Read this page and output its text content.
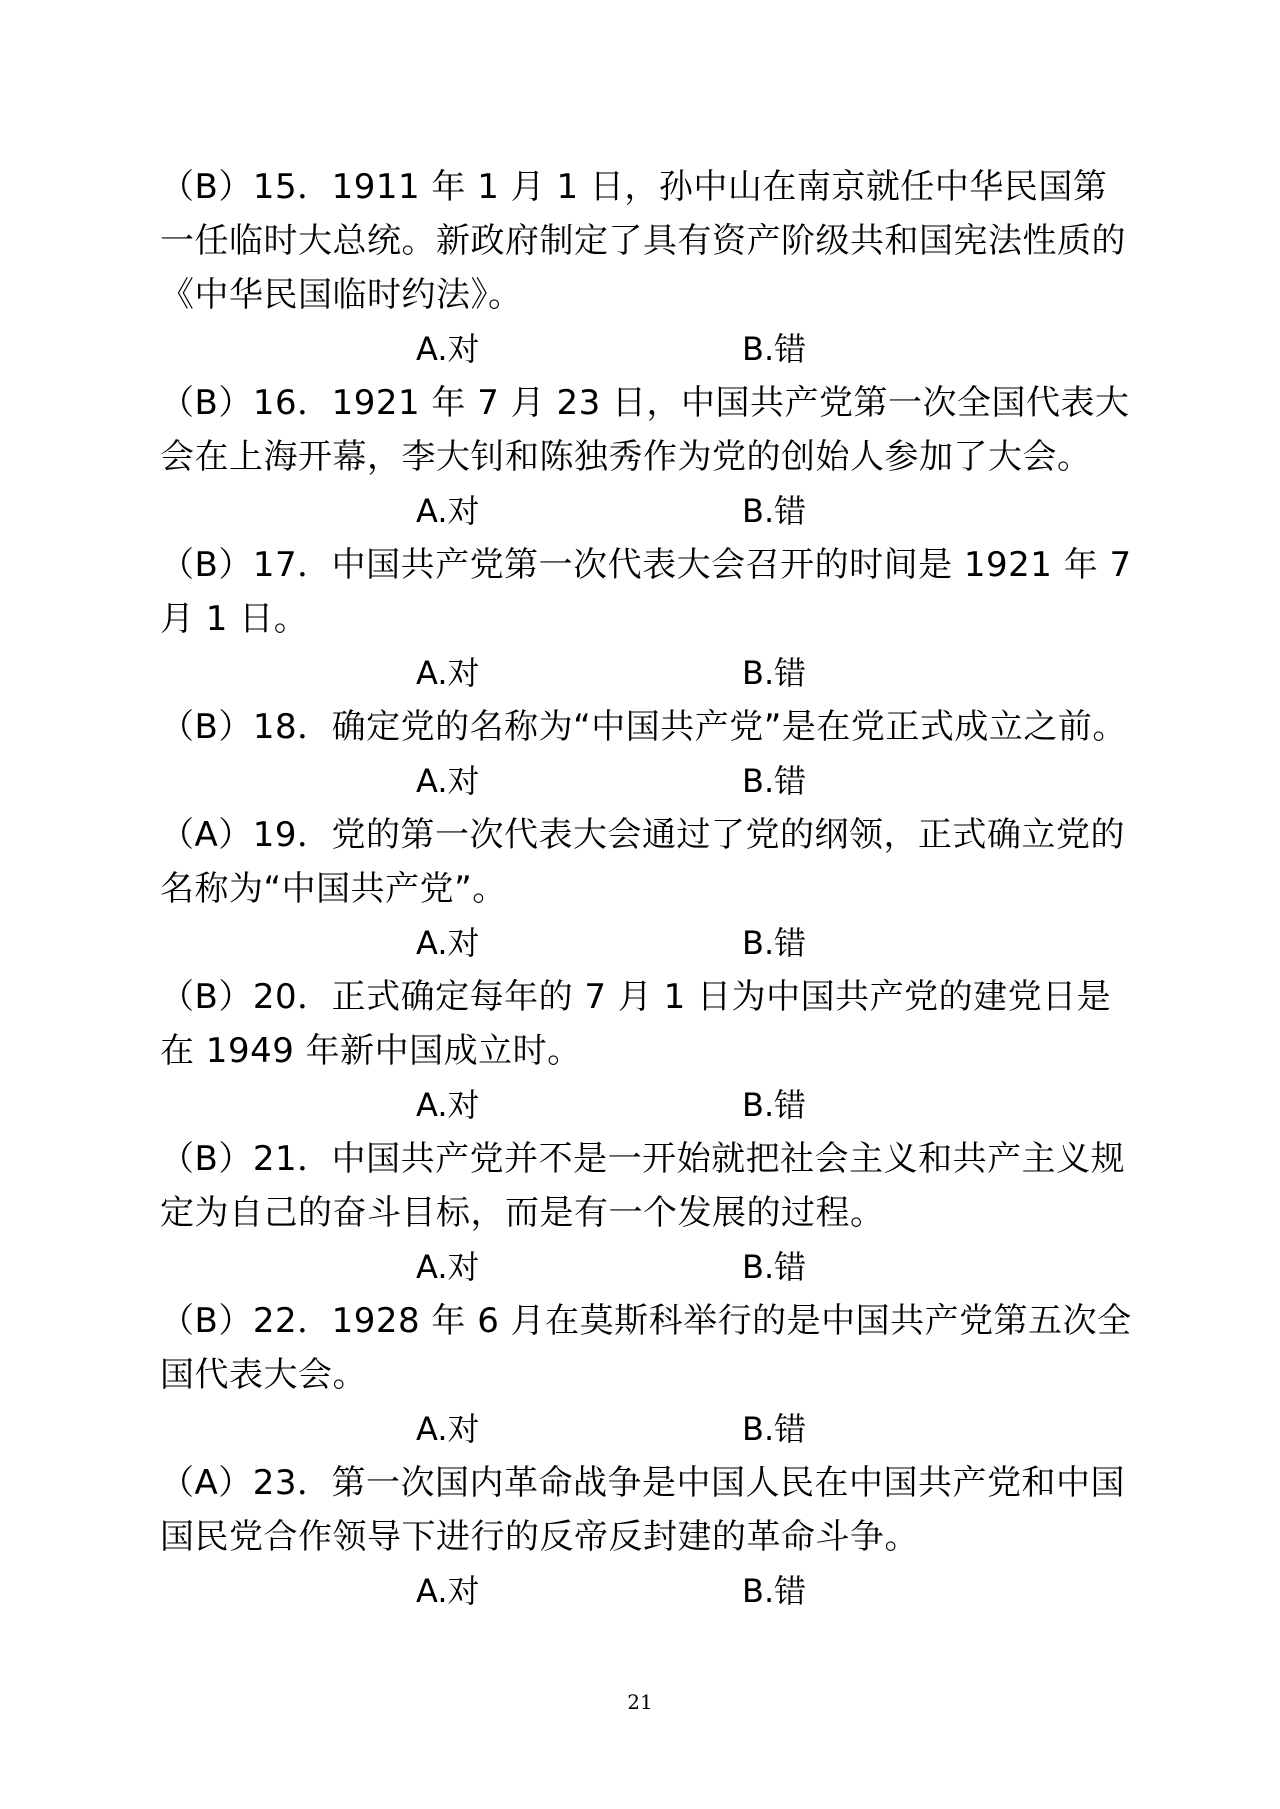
（B）15．1911 年 1 月 1 日，孙中山在南京就任中华民国第一任临时大总统。新政府制定了具有资产阶级共和国宪法性质的《中华民国临时约法》。

A.对	B.错

（B）16．1921 年 7 月 23 日，中国共产党第一次全国代表大会在上海开幕，李大钊和陈独秀作为党的创始人参加了大会。

A.对	B.错

（B）17．中国共产党第一次代表大会召开的时间是 1921 年 7 月 1 日。

A.对	B.错

（B）18．确定党的名称为“中国共产党”是在党正式成立之前。

A.对	B.错

（A）19．党的第一次代表大会通过了党的纲领，正式确立党的名称为“中国共产党”。

A.对	B.错

（B）20．正式确定每年的 7 月 1 日为中国共产党的建党日是在 1949 年新中国成立时。

A.对	B.错

（B）21．中国共产党并不是一开始就把社会主义和共产主义规定为自己的奋斗目标，而是有一个发展的过程。

A.对	B.错

（B）22．1928 年 6 月在莫斯科举行的是中国共产党第五次全国代表大会。

A.对	B.错

（A）23．第一次国内革命战争是中国人民在中国共产党和中国国民党合作领导下进行的反帝反封建的革命斗争。

A.对	B.错
21
